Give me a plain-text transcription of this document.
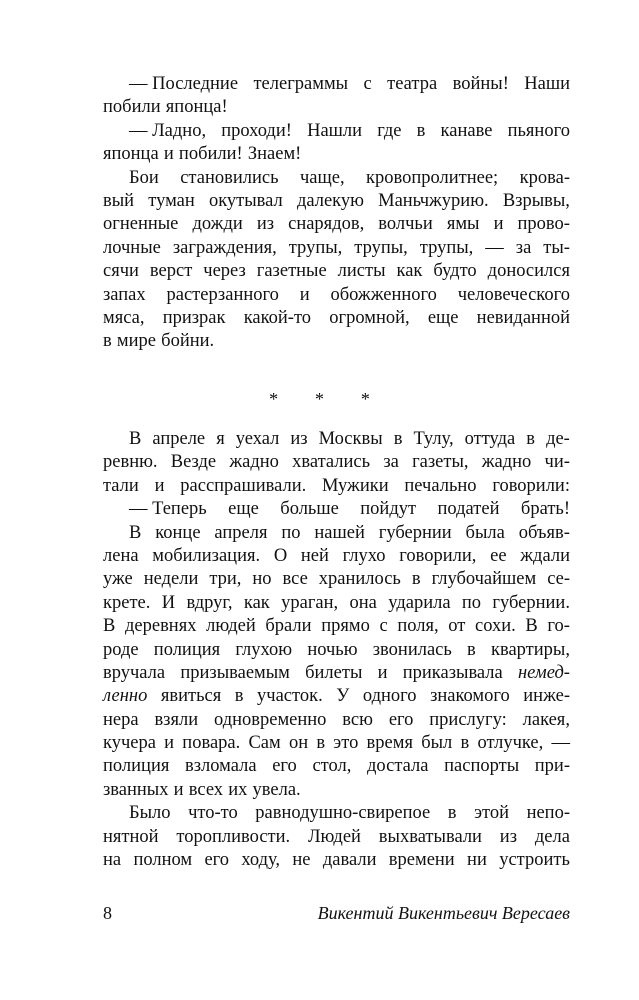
— Последние телеграммы с театра войны! Наши
побили японца!
— Ладно, проходи! Нашли где в канаве пьяного
японца и побили! Знаем!
Бои становились чаще, кровопролитнее; крова-
вый туман окутывал далекую Маньчжурию. Взрывы,
огненные дожди из снарядов, волчьи ямы и прово-
лочные заграждения, трупы, трупы, трупы, — за ты-
сячи верст через газетные листы как будто доносился
запах растерзанного и обожженного человеческого
мяса, призрак какой-то огромной, еще невиданной
в мире бойни.
* * *
В апреле я уехал из Москвы в Тулу, оттуда в де-
ревню. Везде жадно хватались за газеты, жадно чи-
тали и расспрашивали. Мужики печально говорили:
— Теперь еще больше пойдут податей брать!
В конце апреля по нашей губернии была объяв-
лена мобилизация. О ней глухо говорили, ее ждали
уже недели три, но все хранилось в глубочайшем се-
крете. И вдруг, как ураган, она ударила по губернии.
В деревнях людей брали прямо с поля, от сохи. В го-
роде полиция глухою ночью звонилась в квартиры,
вручала призываемым билеты и приказывала немед-
ленно явиться в участок. У одного знакомого инже-
нера взяли одновременно всю его прислугу: лакея,
кучера и повара. Сам он в это время был в отлучке, —
полиция взломала его стол, достала паспорты при-
званных и всех их увела.
Было что-то равнодушно-свирепое в этой непо-
нятной торопливости. Людей выхватывали из дела
на полном его ходу, не давали времени ни устроить
8	Викентий Викентьевич Вересаев
